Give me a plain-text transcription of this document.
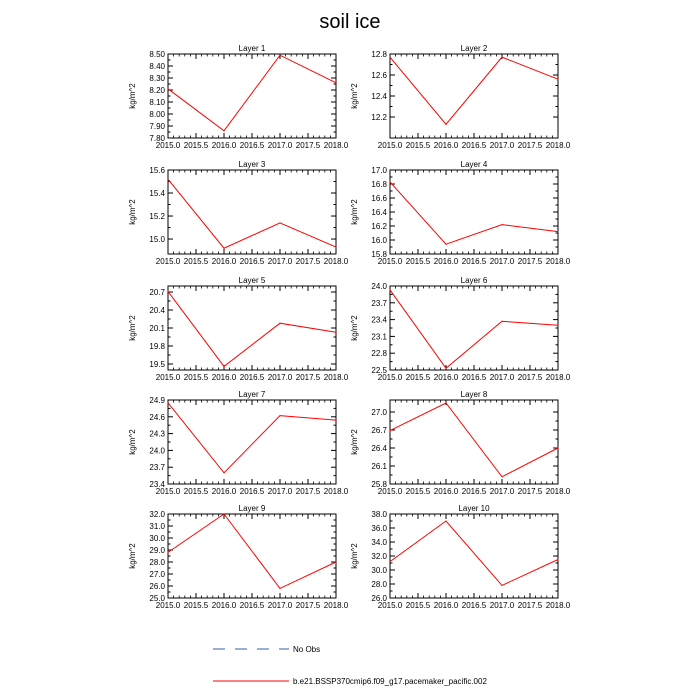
soil ice
Layer 1
kg/m^2
7.80
7.90
8.00
8.10
8.20
8.30
8.40
8.50
2015.0 2015.5 2016.0 2016.5 2017.0 2017.5 2018.0
Layer 2
kg/m^2
12.2
12.4
12.6
12.8
2015.0 2015.5 2016.0 2016.5 2017.0 2017.5 2018.0
Layer 3
kg/m^2
15.0
15.2
15.4
15.6
2015.0 2015.5 2016.0 2016.5 2017.0 2017.5 2018.0
Layer 4
kg/m^2
15.8
16.0
16.2
16.4
16.6
16.8
17.0
2015.0 2015.5 2016.0 2016.5 2017.0 2017.5 2018.0
Layer 5
kg/m^2
19.5
19.8
20.1
20.4
20.7
2015.0 2015.5 2016.0 2016.5 2017.0 2017.5 2018.0
Layer 6
kg/m^2
22.5
22.8
23.1
23.4
23.7
24.0
2015.0 2015.5 2016.0 2016.5 2017.0 2017.5 2018.0
Layer 7
kg/m^2
23.4
23.7
24.0
24.3
24.6
24.9
2015.0 2015.5 2016.0 2016.5 2017.0 2017.5 2018.0
Layer 8
kg/m^2
25.8
26.1
26.4
26.7
27.0
2015.0 2015.5 2016.0 2016.5 2017.0 2017.5 2018.0
Layer 9
kg/m^2
25.0
26.0
27.0
28.0
29.0
30.0
31.0
32.0
2015.0 2015.5 2016.0 2016.5 2017.0 2017.5 2018.0
Layer 10
kg/m^2
26.0
28.0
30.0
32.0
34.0
36.0
38.0
2015.0 2015.5 2016.0 2016.5 2017.0 2017.5 2018.0
No Obs
b.e21.BSSP370cmip6.f09_g17.pacemaker_pacific.002
